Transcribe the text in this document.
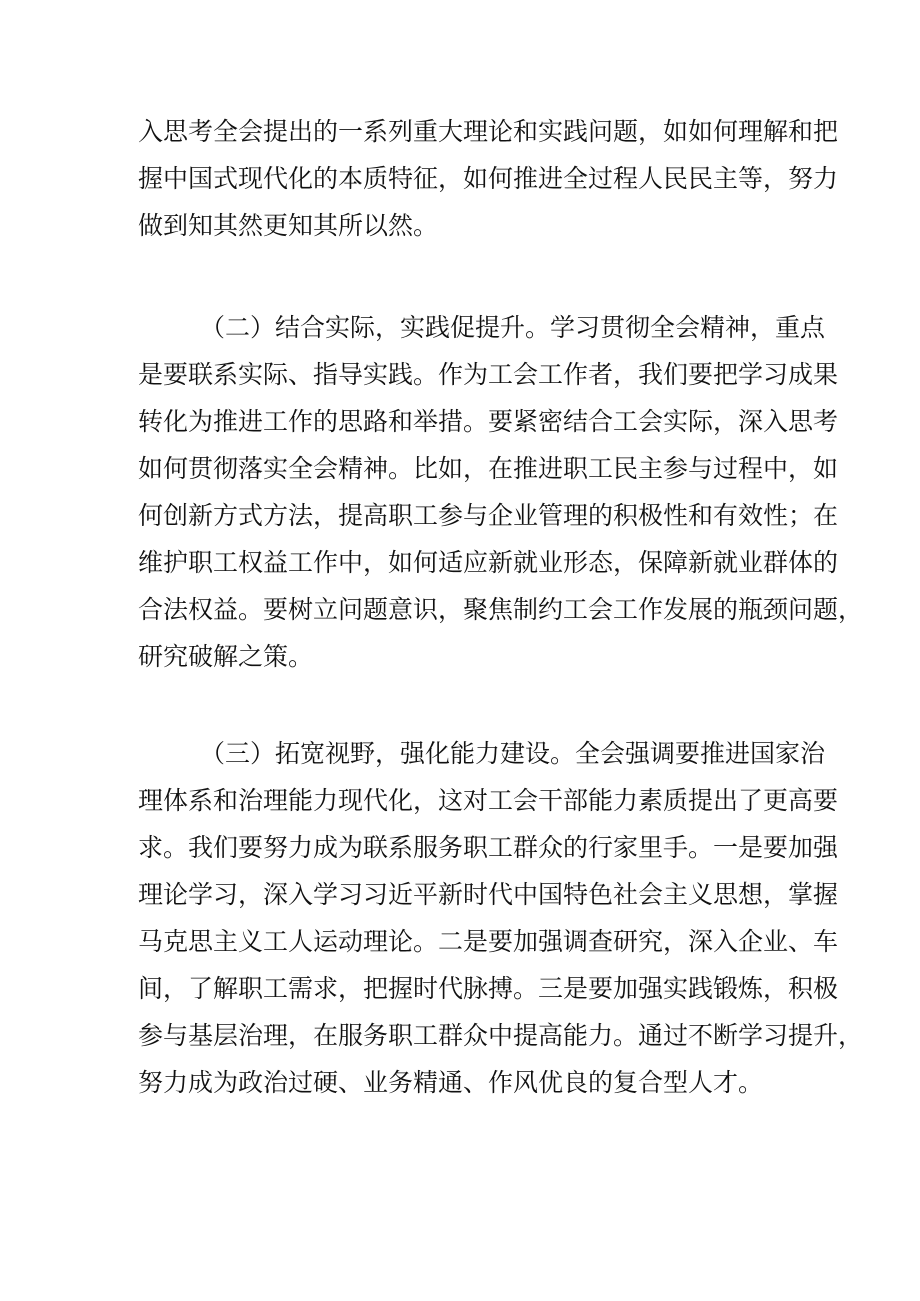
入思考全会提出的一系列重大理论和实践问题，如如何理解和把
握中国式现代化的本质特征，如何推进全过程人民民主等，努力
做到知其然更知其所以然。
（二）结合实际，实践促提升。学习贯彻全会精神，重点
是要联系实际、指导实践。作为工会工作者，我们要把学习成果
转化为推进工作的思路和举措。要紧密结合工会实际，深入思考
如何贯彻落实全会精神。比如，在推进职工民主参与过程中，如
何创新方式方法，提高职工参与企业管理的积极性和有效性；在
维护职工权益工作中，如何适应新就业形态，保障新就业群体的
合法权益。要树立问题意识，聚焦制约工会工作发展的瓶颈问题，
研究破解之策。
（三）拓宽视野，强化能力建设。全会强调要推进国家治
理体系和治理能力现代化，这对工会干部能力素质提出了更高要
求。我们要努力成为联系服务职工群众的行家里手。一是要加强
理论学习，深入学习习近平新时代中国特色社会主义思想，掌握
马克思主义工人运动理论。二是要加强调查研究，深入企业、车
间，了解职工需求，把握时代脉搏。三是要加强实践锻炼，积极
参与基层治理，在服务职工群众中提高能力。通过不断学习提升，
努力成为政治过硬、业务精通、作风优良的复合型人才。
